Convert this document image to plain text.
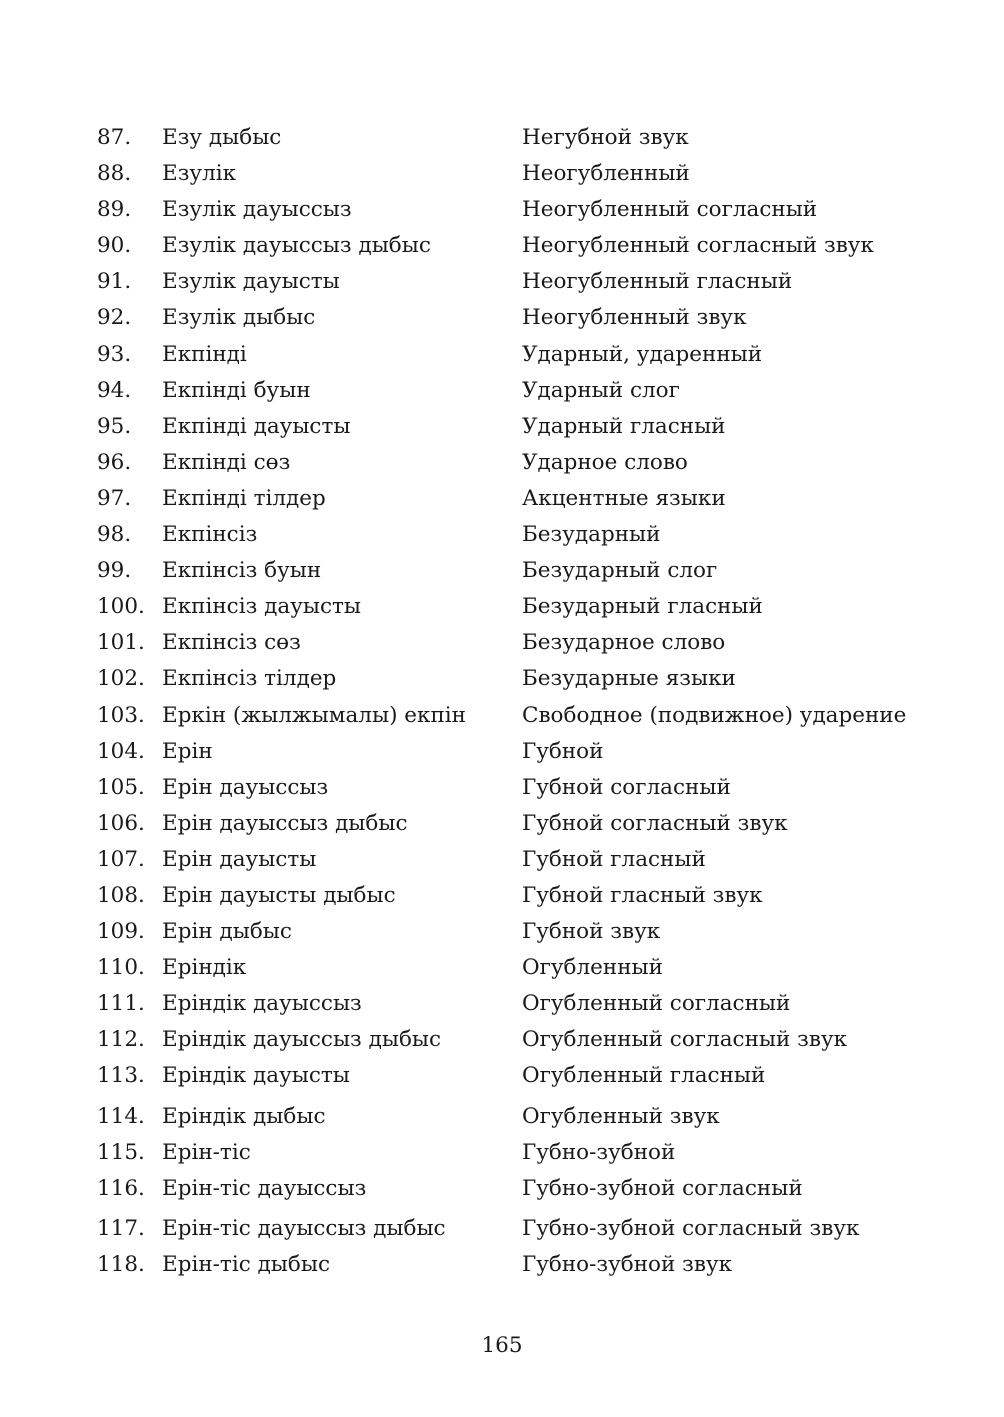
87. Езу дыбыс	Негубной звук
88. Езулік	Неогубленный
89. Езулік дауыссыз	Неогубленный согласный
90. Езулік дауыссыз дыбыс	Неогубленный согласный звук
91. Езулік дауысты	Неогубленный гласный
92. Езулік дыбыс	Неогубленный звук
93. Екпінді	Ударный, ударенный
94. Екпінді буын	Ударный слог
95. Екпінді дауысты	Ударный гласный
96. Екпінді сөз	Ударное слово
97. Екпінді тілдер	Акцентные языки
98. Екпінсіз	Безударный
99. Екпінсіз буын	Безударный слог
100. Екпінсіз дауысты	Безударный гласный
101. Екпінсіз сөз	Безударное слово
102. Екпінсіз тілдер	Безударные языки
103. Еркін (жылжымалы) екпін	Свободное (подвижное) ударение
104. Ерін	Губной
105. Ерін дауыссыз	Губной согласный
106. Ерін дауыссыз дыбыс	Губной согласный звук
107. Ерін дауысты	Губной гласный
108. Ерін дауысты дыбыс	Губной гласный звук
109. Ерін дыбыс	Губной звук
110. Еріндік	Огубленный
111. Еріндік дауыссыз	Огубленный согласный
112. Еріндік дауыссыз дыбыс	Огубленный согласный звук
113. Еріндік дауысты	Огубленный гласный
114. Еріндік дыбыс	Огубленный звук
115. Ерін-тіс	Губно-зубной
116. Ерін-тіс дауыссыз	Губно-зубной согласный
117. Ерін-тіс дауыссыз дыбыс	Губно-зубной согласный звук
118. Ерін-тіс дыбыс	Губно-зубной звук
165
